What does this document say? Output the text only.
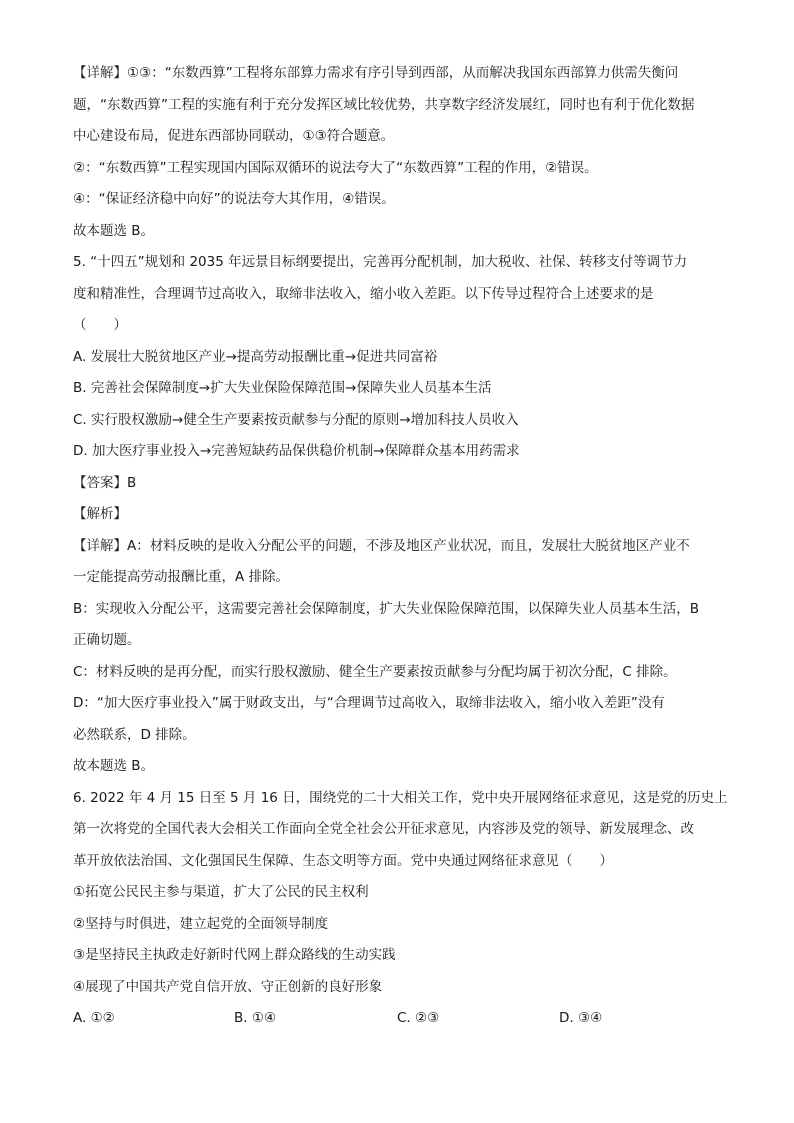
【详解】①③：“东数西算”工程将东部算力需求有序引导到西部，从而解决我国东西部算力供需失衡问
题，“东数西算”工程的实施有利于充分发挥区域比较优势，共享数字经济发展红，同时也有利于优化数据
中心建设布局，促进东西部协同联动，①③符合题意。
②：“东数西算”工程实现国内国际双循环的说法夸大了“东数西算”工程的作用，②错误。
④：“保证经济稳中向好”的说法夸大其作用，④错误。
故本题选 B。
5. “十四五”规划和 2035 年远景目标纲要提出，完善再分配机制，加大税收、社保、转移支付等调节力
度和精准性，合理调节过高收入，取缔非法收入，缩小收入差距。以下传导过程符合上述要求的是
（　　）
A. 发展壮大脱贫地区产业→提高劳动报酬比重→促进共同富裕
B. 完善社会保障制度→扩大失业保险保障范围→保障失业人员基本生活
C. 实行股权激励→健全生产要素按贡献参与分配的原则→增加科技人员收入
D. 加大医疗事业投入→完善短缺药品保供稳价机制→保障群众基本用药需求
【答案】B
【解析】
【详解】A：材料反映的是收入分配公平的问题，不涉及地区产业状况，而且，发展壮大脱贫地区产业不
一定能提高劳动报酬比重，A 排除。
B：实现收入分配公平，这需要完善社会保障制度，扩大失业保险保障范围，以保障失业人员基本生活，B
正确切题。
C：材料反映的是再分配，而实行股权激励、健全生产要素按贡献参与分配均属于初次分配，C 排除。
D：“加大医疗事业投入”属于财政支出，与“合理调节过高收入，取缔非法收入，缩小收入差距”没有
必然联系，D 排除。
故本题选 B。
6. 2022 年 4 月 15 日至 5 月 16 日，围绕党的二十大相关工作，党中央开展网络征求意见，这是党的历史上
第一次将党的全国代表大会相关工作面向全党全社会公开征求意见，内容涉及党的领导、新发展理念、改
革开放依法治国、文化强国民生保障、生态文明等方面。党中央通过网络征求意见（　　）
①拓宽公民民主参与渠道，扩大了公民的民主权利
②坚持与时俱进，建立起党的全面领导制度
③是坚持民主执政走好新时代网上群众路线的生动实践
④展现了中国共产党自信开放、守正创新的良好形象
A. ①②	B. ①④	C. ②③	D. ③④
